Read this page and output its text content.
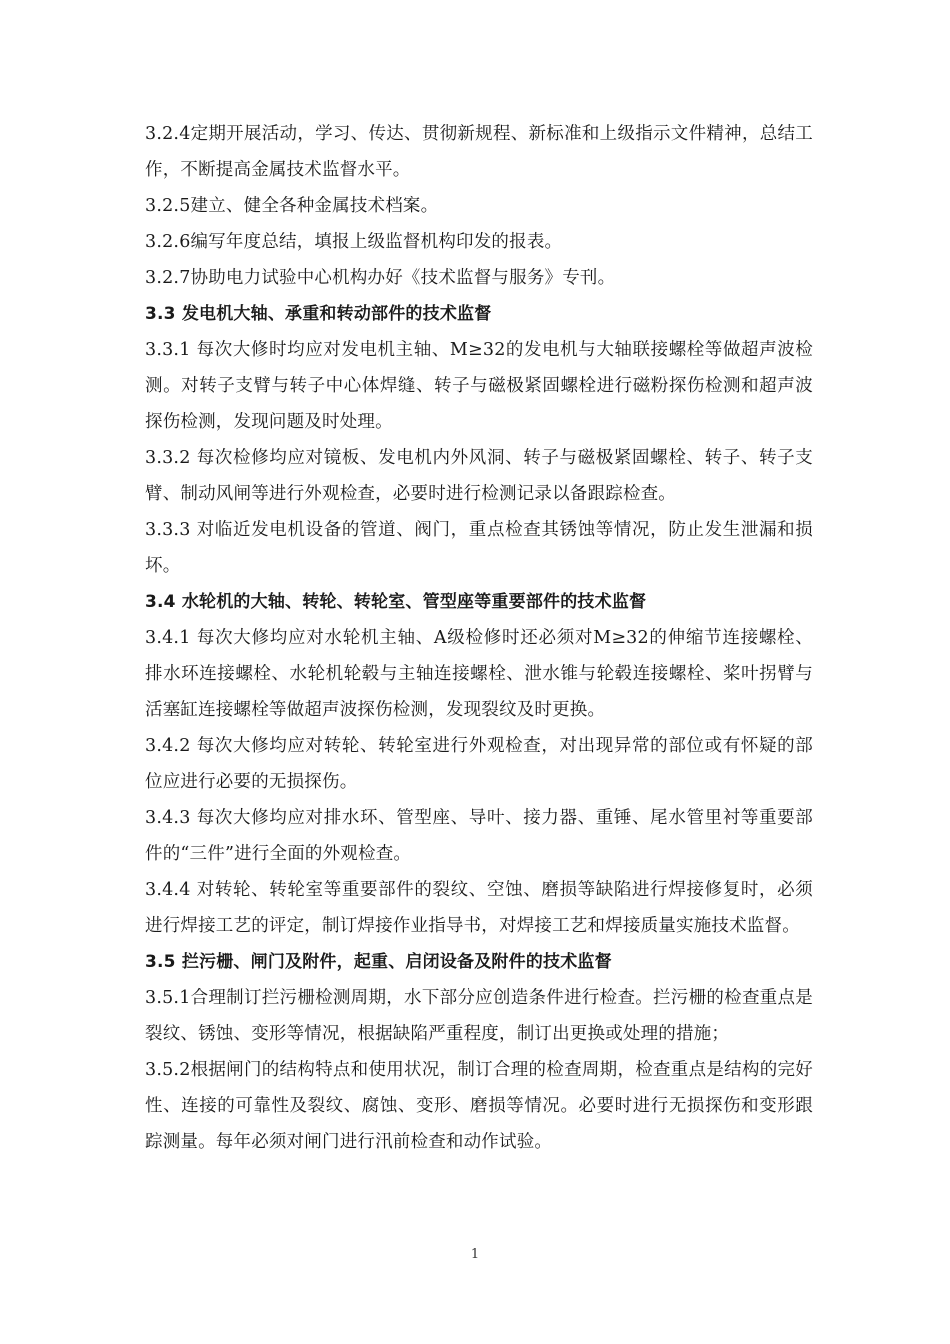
3.2.4定期开展活动，学习、传达、贯彻新规程、新标准和上级指示文件精神，总结工作，不断提高金属技术监督水平。

3.2.5建立、健全各种金属技术档案。

3.2.6编写年度总结，填报上级监督机构印发的报表。

3.2.7协助电力试验中心机构办好《技术监督与服务》专刊。

3.3 发电机大轴、承重和转动部件的技术监督

3.3.1 每次大修时均应对发电机主轴、M≥32的发电机与大轴联接螺栓等做超声波检测。对转子支臂与转子中心体焊缝、转子与磁极紧固螺栓进行磁粉探伤检测和超声波探伤检测，发现问题及时处理。

3.3.2 每次检修均应对镜板、发电机内外风洞、转子与磁极紧固螺栓、转子、转子支臂、制动风闸等进行外观检查，必要时进行检测记录以备跟踪检查。

3.3.3 对临近发电机设备的管道、阀门，重点检查其锈蚀等情况，防止发生泄漏和损坏。

3.4 水轮机的大轴、转轮、转轮室、管型座等重要部件的技术监督

3.4.1 每次大修均应对水轮机主轴、A级检修时还必须对M≥32的伸缩节连接螺栓、排水环连接螺栓、水轮机轮毂与主轴连接螺栓、泄水锥与轮毂连接螺栓、桨叶拐臂与活塞缸连接螺栓等做超声波探伤检测，发现裂纹及时更换。

3.4.2 每次大修均应对转轮、转轮室进行外观检查，对出现异常的部位或有怀疑的部位应进行必要的无损探伤。

3.4.3 每次大修均应对排水环、管型座、导叶、接力器、重锤、尾水管里衬等重要部件的“三件”进行全面的外观检查。

3.4.4 对转轮、转轮室等重要部件的裂纹、空蚀、磨损等缺陷进行焊接修复时，必须进行焊接工艺的评定，制订焊接作业指导书，对焊接工艺和焊接质量实施技术监督。

3.5 拦污栅、闸门及附件，起重、启闭设备及附件的技术监督

3.5.1合理制订拦污栅检测周期，水下部分应创造条件进行检查。拦污栅的检查重点是裂纹、锈蚀、变形等情况，根据缺陷严重程度，制订出更换或处理的措施；

3.5.2根据闸门的结构特点和使用状况，制订合理的检查周期，检查重点是结构的完好性、连接的可靠性及裂纹、腐蚀、变形、磨损等情况。必要时进行无损探伤和变形跟踪测量。每年必须对闸门进行汛前检查和动作试验。

1
